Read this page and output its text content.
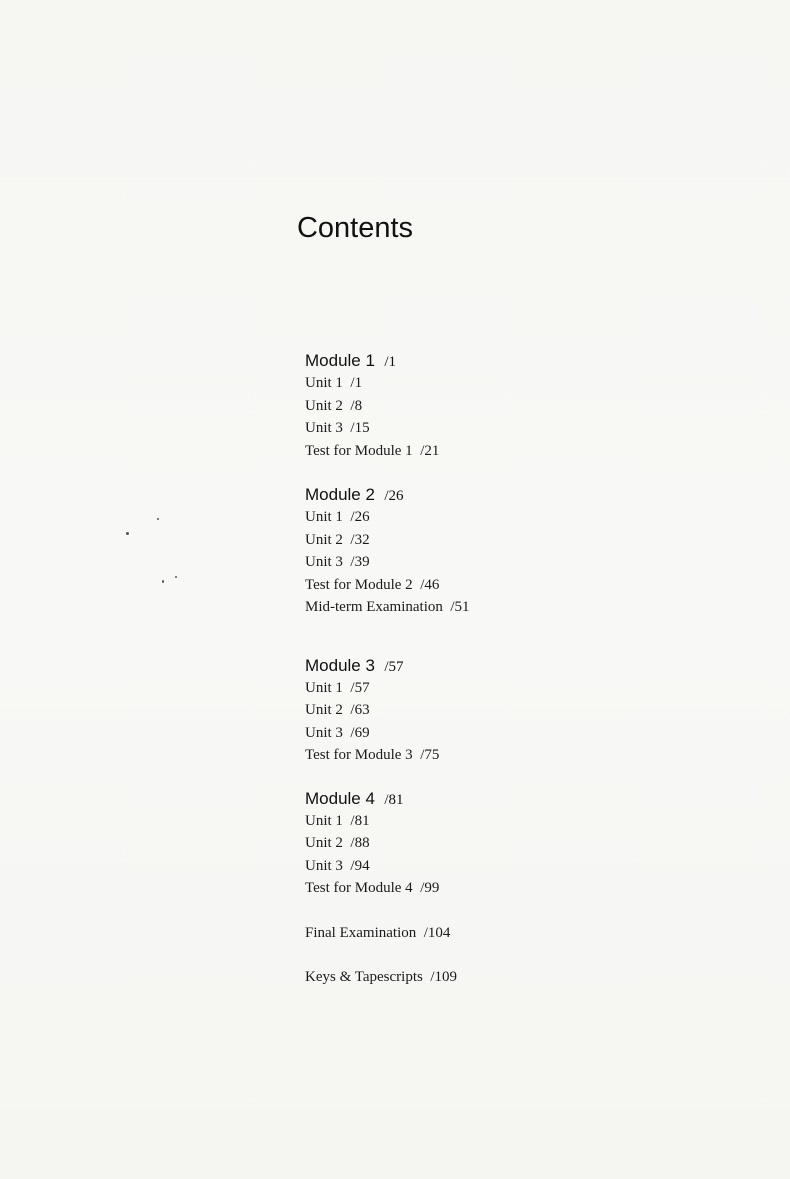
Contents
Module 1 /1
Unit 1 /1
Unit 2 /8
Unit 3 /15
Test for Module 1 /21
Module 2 /26
Unit 1 /26
Unit 2 /32
Unit 3 /39
Test for Module 2 /46
Mid-term Examination /51
Module 3 /57
Unit 1 /57
Unit 2 /63
Unit 3 /69
Test for Module 3 /75
Module 4 /81
Unit 1 /81
Unit 2 /88
Unit 3 /94
Test for Module 4 /99
Final Examination /104
Keys & Tapescripts /109
